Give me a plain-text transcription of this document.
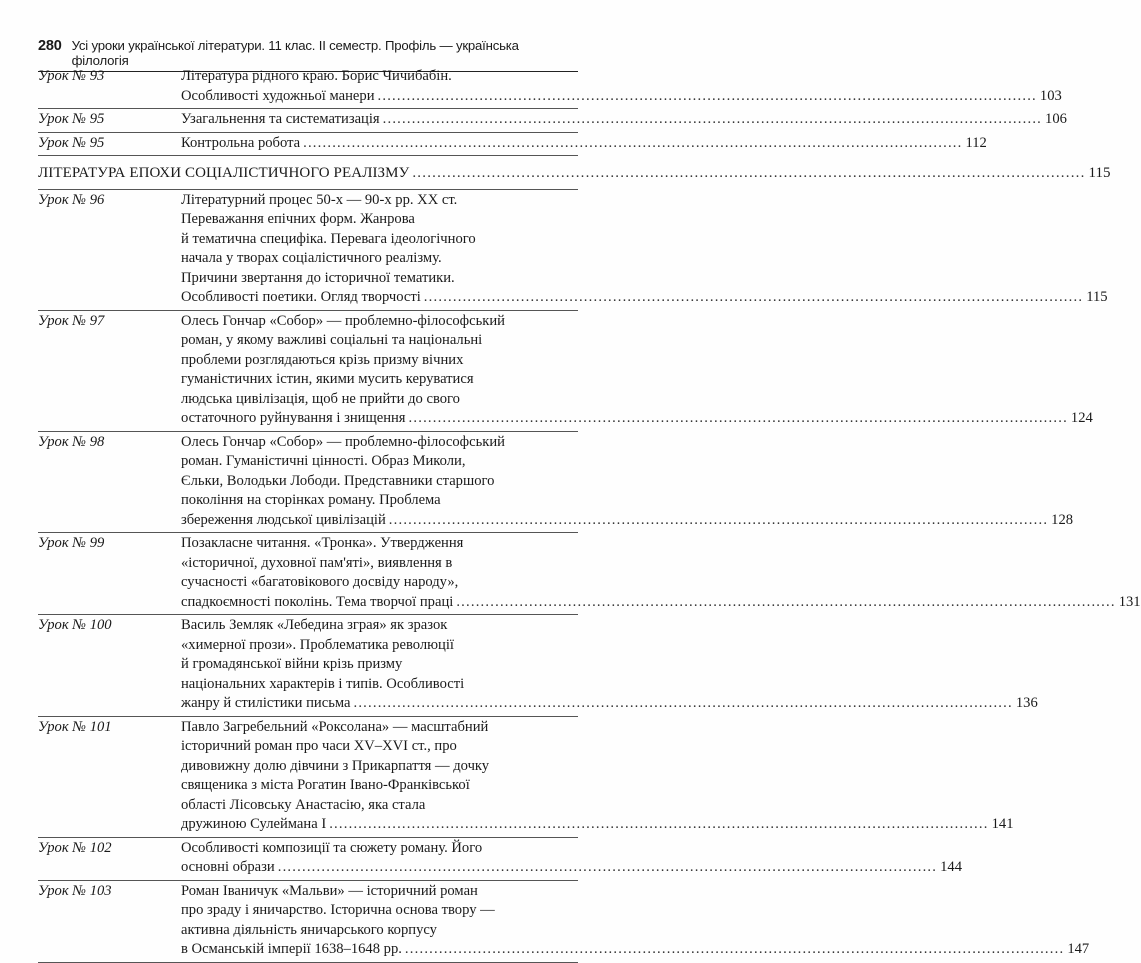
280 Усі уроки української літератури. 11 клас. ІІ семестр. Профіль — українська філологія
Урок № 93	Література рідного краю. Борис Чичибабін.
Особливості художньої манери .....	103
Урок № 95	Узагальнення та систематизація .....	106
Урок № 95	Контрольна робота .....	112
ЛІТЕРАТУРА ЕПОХИ СОЦІАЛІСТИЧНОГО РЕАЛІЗМУ .....	115
Урок № 96	Літературний процес 50-х — 90-х рр. ХХ ст.
Переважання епічних форм. Жанрова
й тематична специфіка. Перевага ідеологічного
начала у творах соціалістичного реалізму.
Причини звертання до історичної тематики.
Особливості поетики. Огляд творчості .....	115
Урок № 97	Олесь Гончар «Собор» — проблемно-філософський
роман, у якому важливі соціальні та національні
проблеми розглядаються крізь призму вічних
гуманістичних істин, якими мусить керуватися
людська цивілізація, щоб не прийти до свого
остаточного руйнування і знищення .....	124
Урок № 98	Олесь Гончар «Собор» — проблемно-філософський
роман. Гуманістичні цінності. Образ Миколи,
Єльки, Володьки Лободи. Представники старшого
покоління на сторінках роману. Проблема
збереження людської цивілізацій .....	128
Урок № 99	Позакласне читання. «Тронка». Утвердження
«історичної, духовної пам'яті», виявлення в
сучасності «багатовікового досвіду народу»,
спадкоємності поколінь. Тема творчої праці .....	131
Урок № 100	Василь Земляк «Лебедина зграя» як зразок
«химерної прози». Проблематика революції
й громадянської війни крізь призму
національних характерів і типів. Особливості
жанру й стилістики письма .....	136
Урок № 101	Павло Загребельний «Роксолана» — масштабний
історичний роман про часи XV–XVI ст., про
дивовижну долю дівчини з Прикарпаття — дочку
священика з міста Рогатин Івано-Франківської
області Лісовську Анастасію, яка стала
дружиною Сулеймана І .....	141
Урок № 102	Особливості композиції та сюжету роману. Його
основні образи .....	144
Урок № 103	Роман Іваничук «Мальви» — історичний роман
про зраду і яничарство. Історична основа твору —
активна діяльність яничарського корпусу
в Османській імперії 1638–1648 рр. .....	147
